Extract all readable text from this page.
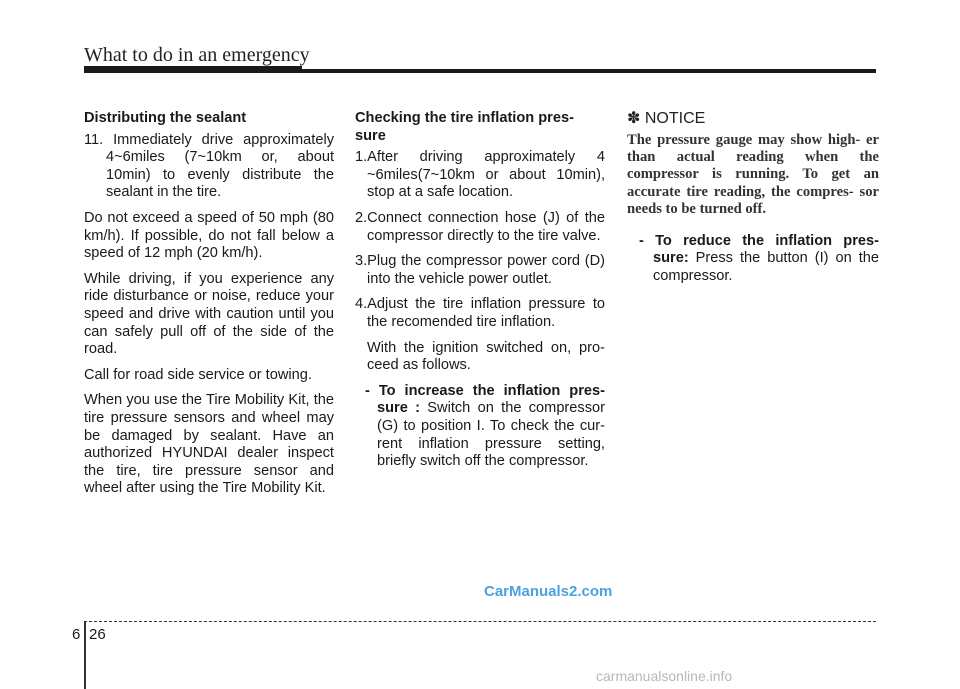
What to do in an emergency
Distributing the sealant
11. Immediately drive approximately 4~6miles (7~10km or, about 10min) to evenly distribute the sealant in the tire.

Do not exceed a speed of 50 mph (80 km/h). If possible, do not fall below a speed of 12 mph (20 km/h).

While driving, if you experience any ride disturbance or noise, reduce your speed and drive with caution until you can safely pull off of the side of the road.

Call for road side service or towing.

When you use the Tire Mobility Kit, the tire pressure sensors and wheel may be damaged by sealant. Have an authorized HYUNDAI dealer inspect the tire, tire pressure sensor and wheel after using the Tire Mobility Kit.

Checking the tire inflation pres- sure
1.After driving approximately 4 ~6miles(7~10km or about 10min), stop at a safe location.
2.Connect connection hose (J) of the compressor directly to the tire valve.
3.Plug the compressor power cord (D) into the vehicle power outlet.
4.Adjust the tire inflation pressure to the recomended tire inflation.
With the ignition switched on, pro- ceed as follows.
- To increase the inflation pres- sure : Switch on the compressor (G) to position I. To check the cur- rent inflation pressure setting, briefly switch off the compressor.
✽ NOTICE
The pressure gauge may show high- er than actual reading when the compressor is running. To get an accurate tire reading, the compres- sor needs to be turned off.
- To reduce the inflation pres- sure: Press the button (I) on the compressor.
CarManuals2.com
6 26
carmanualsonline.info
